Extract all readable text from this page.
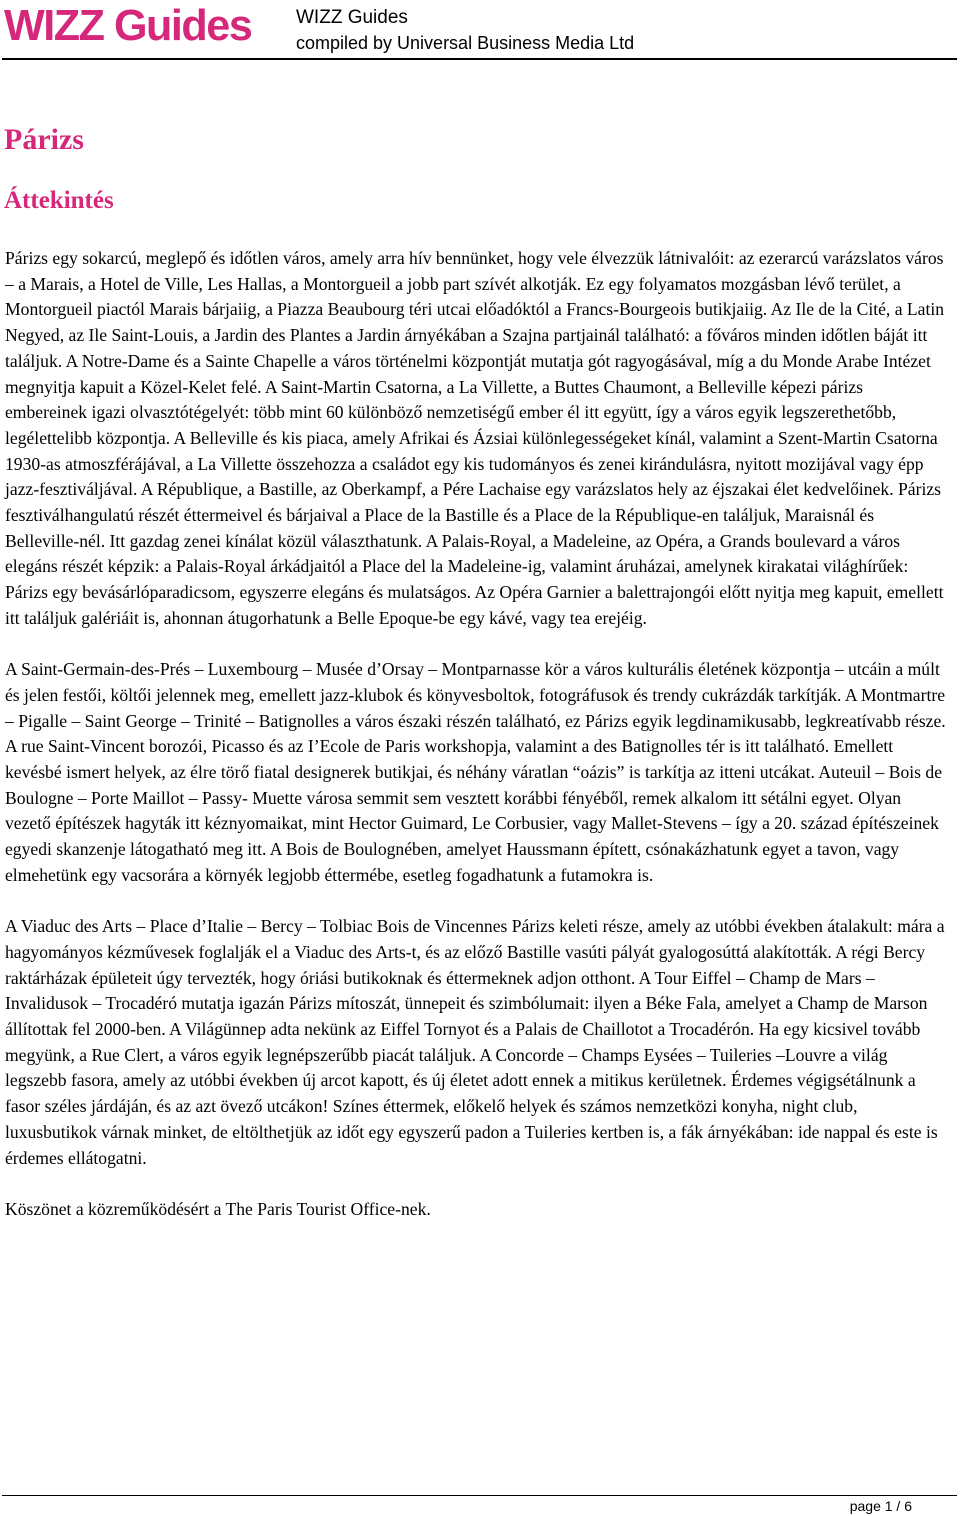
WIZZ Guides WIZZ Guides
compiled by Universal Business Media Ltd
Párizs
Áttekintés

Párizs egy sokarcú, meglepő és időtlen város, amely arra hív bennünket, hogy vele élvezzük látnivalóit: az ezerarcú varázslatos város – a Marais, a Hotel de Ville, Les Hallas, a Montorgueil a jobb part szívét alkotják. Ez egy folyamatos mozgásban lévő terület, a Montorgueil piactól Marais bárjaiig, a Piazza Beaubourg téri utcai előadóktól a Francs-Bourgeois butikjaiig. Az Ile de la Cité, a Latin Negyed, az Ile Saint-Louis, a Jardin des Plantes a Jardin árnyékában a Szajna partjainál található: a főváros minden időtlen báját itt találjuk. A Notre-Dame és a Sainte Chapelle a város történelmi központját mutatja gót ragyogásával, míg a du Monde Arabe Intézet megnyitja kapuit a Közel-Kelet felé. A Saint-Martin Csatorna, a La Villette, a Buttes Chaumont, a Belleville képezi párizs embereinek igazi olvasztótégelyét: több mint 60 különböző nemzetiségű ember él itt együtt, így a város egyik legszerethetőbb, legélettelibb központja. A Belleville és kis piaca, amely Afrikai és Ázsiai különlegességeket kínál, valamint a Szent-Martin Csatorna 1930-as atmoszférájával, a La Villette összehozza a családot egy kis tudományos és zenei kirándulásra, nyitott mozijával vagy épp jazz-fesztiváljával. A République, a Bastille, az Oberkampf, a Pére Lachaise egy varázslatos hely az éjszakai élet kedvelőinek. Párizs fesztiválhangulatú részét éttermeivel és bárjaival a Place de la Bastille és a Place de la République-en találjuk, Maraisnál és Belleville-nél. Itt gazdag zenei kínálat közül választhatunk. A Palais-Royal, a Madeleine, az Opéra, a Grands boulevard a város elegáns részét képzik: a Palais-Royal árkádjaitól a Place del la Madeleine-ig, valamint áruházai, amelynek kirakatai világhírűek: Párizs egy bevásárlóparadicsom, egyszerre elegáns és mulatságos. Az Opéra Garnier a balettrajongói előtt nyitja meg kapuit, emellett itt találjuk galériáit is, ahonnan átugorhatunk a Belle Epoque-be egy kávé, vagy tea erejéig.

A Saint-Germain-des-Prés – Luxembourg – Musée d’Orsay – Montparnasse kör a város kulturális életének központja – utcáin a múlt és jelen festői, költői jelennek meg, emellett jazz-klubok és könyvesboltok, fotográfusok és trendy cukrázdák tarkítják. A Montmartre – Pigalle – Saint George – Trinité – Batignolles a város északi részén található, ez Párizs egyik legdinamikusabb, legkreatívabb része. A rue Saint-Vincent borozói, Picasso és az I’Ecole de Paris workshopja, valamint a des Batignolles tér is itt található. Emellett kevésbé ismert helyek, az élre törő fiatal designerek butikjai, és néhány váratlan “oázis” is tarkítja az itteni utcákat. Auteuil – Bois de Boulogne – Porte Maillot – Passy- Muette városa semmit sem vesztett korábbi fényéből, remek alkalom itt sétálni egyet. Olyan vezető építészek hagyták itt kéznyomaikat, mint Hector Guimard, Le Corbusier, vagy Mallet-Stevens – így a 20. század építészeinek egyedi skanzenje látogatható meg itt. A Bois de Boulognében, amelyet Haussmann épített, csónakázhatunk egyet a tavon, vagy elmehetünk egy vacsorára a környék legjobb éttermébe, esetleg fogadhatunk a futamokra is.

A Viaduc des Arts – Place d’Italie – Bercy – Tolbiac Bois de Vincennes Párizs keleti része, amely az utóbbi években átalakult: mára a hagyományos kézművesek foglalják el a Viaduc des Arts-t, és az előző Bastille vasúti pályát gyalogosúttá alakították. A régi Bercy raktárházak épületeit úgy tervezték, hogy óriási butikoknak és éttermeknek adjon otthont. A Tour Eiffel – Champ de Mars – Invalidusok – Trocadéró mutatja igazán Párizs mítoszát, ünnepeit és szimbólumait: ilyen a Béke Fala, amelyet a Champ de Marson állítottak fel 2000-ben. A Világünnep adta nekünk az Eiffel Tornyot és a Palais de Chaillotot a Trocadérón. Ha egy kicsivel tovább megyünk, a Rue Clert, a város egyik legnépszerűbb piacát találjuk. A Concorde – Champs Eysées – Tuileries –Louvre a világ legszebb fasora, amely az utóbbi években új arcot kapott, és új életet adott ennek a mitikus kerületnek. Érdemes végigsétálnunk a fasor széles járdáján, és az azt övező utcákon! Színes éttermek, előkelő helyek és számos nemzetközi konyha, night club, luxusbutikok várnak minket, de eltölthetjük az időt egy egyszerű padon a Tuileries kertben is, a fák árnyékában: ide nappal és este is érdemes ellátogatni.

Köszönet a közreműködésért a The Paris Tourist Office-nek.

page 1 / 6
